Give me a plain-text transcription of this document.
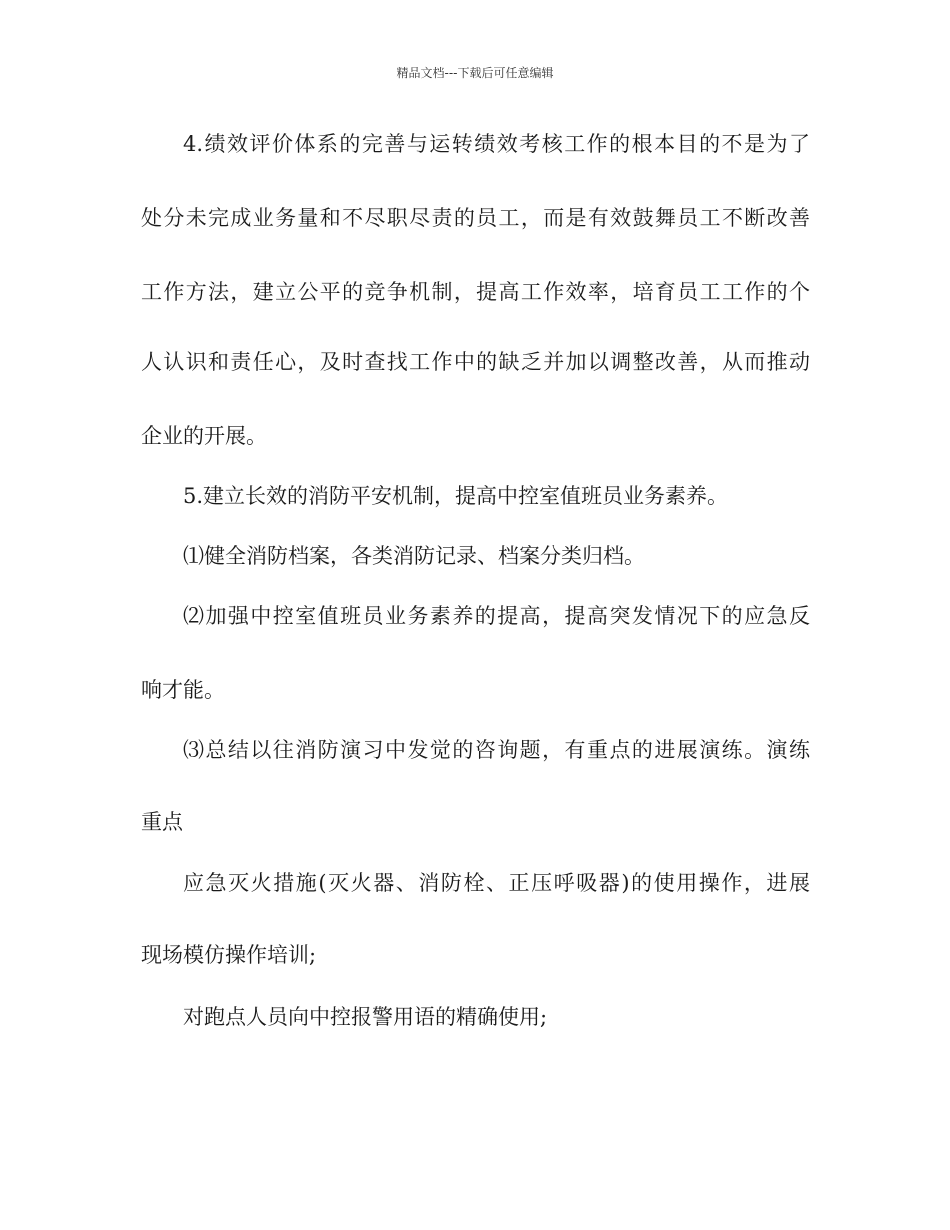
精品文档---下载后可任意编辑
4.绩效评价体系的完善与运转绩效考核工作的根本目的不是为了
处分未完成业务量和不尽职尽责的员工，而是有效鼓舞员工不断改善
工作方法，建立公平的竞争机制，提高工作效率，培育员工工作的个
人认识和责任心，及时查找工作中的缺乏并加以调整改善，从而推动
企业的开展。
5.建立长效的消防平安机制，提高中控室值班员业务素养。
⑴健全消防档案，各类消防记录、档案分类归档。
⑵加强中控室值班员业务素养的提高，提高突发情况下的应急反
响才能。
⑶总结以往消防演习中发觉的咨询题，有重点的进展演练。演练
重点
应急灭火措施(灭火器、消防栓、正压呼吸器)的使用操作，进展
现场模仿操作培训;
对跑点人员向中控报警用语的精确使用;
